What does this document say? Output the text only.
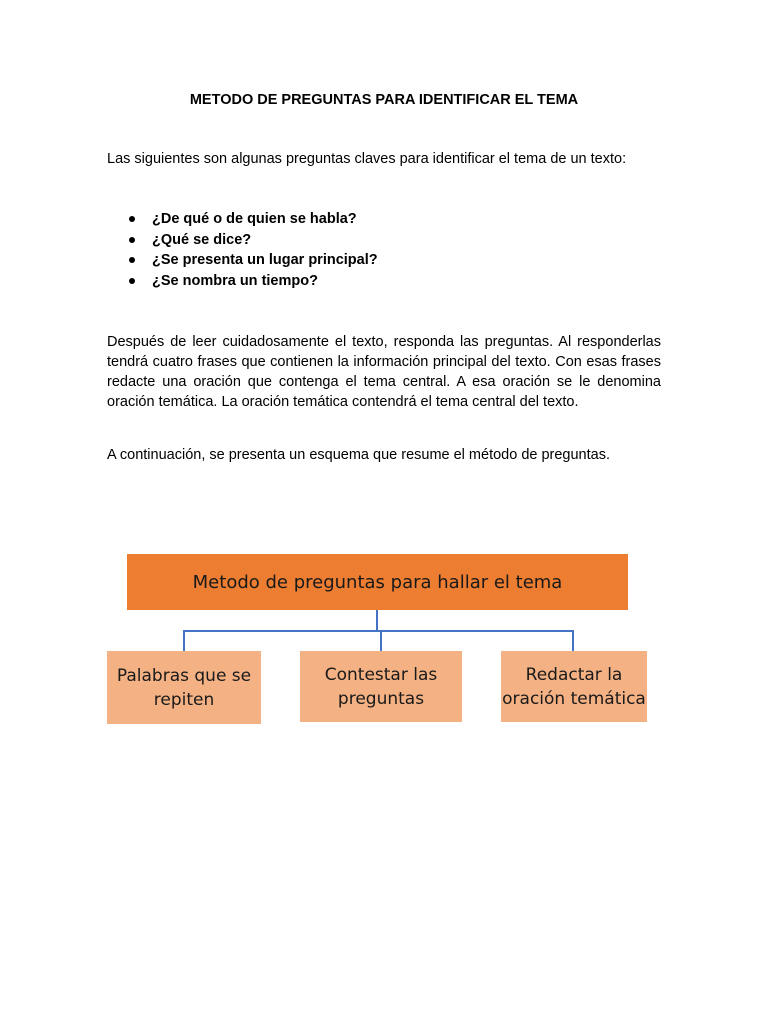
METODO DE PREGUNTAS PARA IDENTIFICAR EL TEMA
Las siguientes son algunas preguntas claves para identificar el tema de un texto:
¿De qué o de quien se habla?
¿Qué se dice?
¿Se presenta un lugar principal?
¿Se nombra un tiempo?

Después de leer cuidadosamente el texto, responda las preguntas. Al responderlas tendrá cuatro frases que contienen la información principal del texto. Con esas frases redacte una oración que contenga el tema central. A esa oración se le denomina oración temática. La oración temática contendrá el tema central del texto.

A continuación, se presenta un esquema que resume el método de preguntas.

Metodo de preguntas para hallar el tema
Palabras que se repiten
Contestar las preguntas
Redactar la oración temática
